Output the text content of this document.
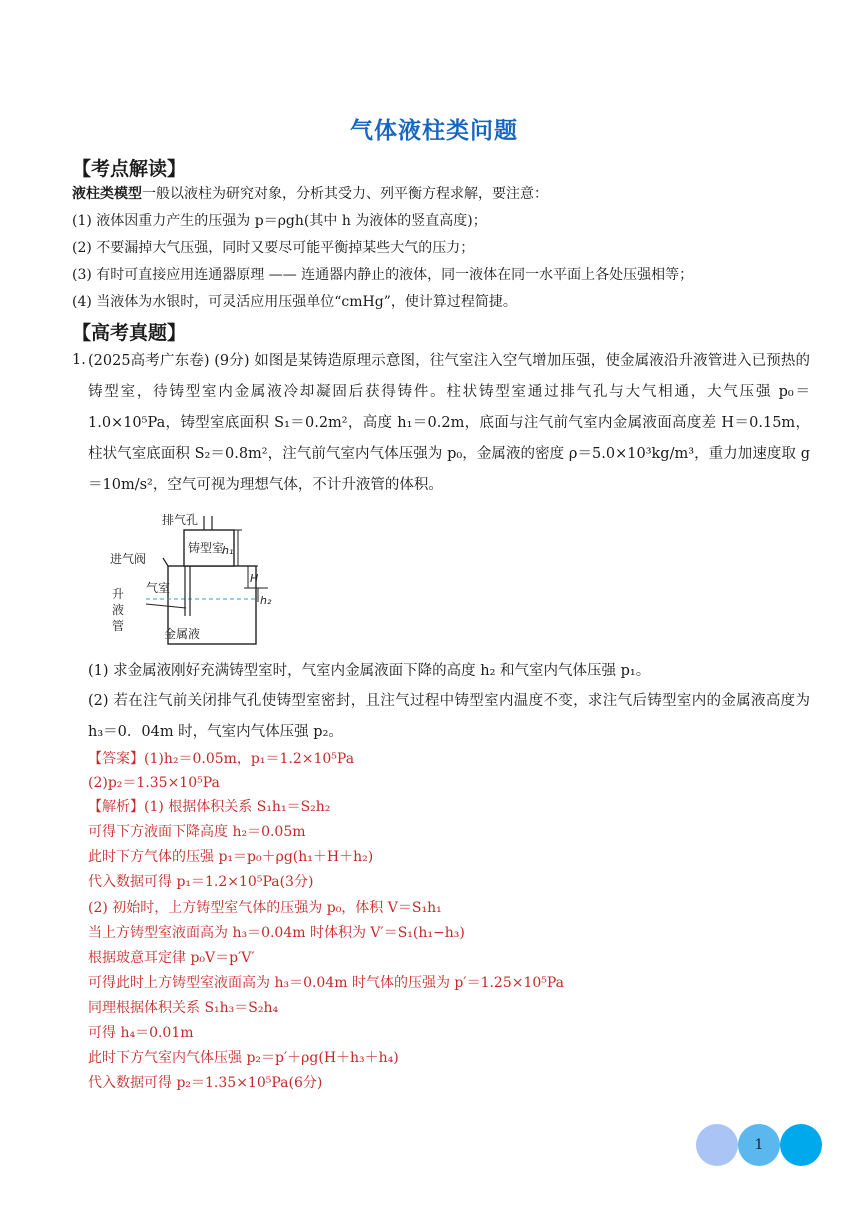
气体液柱类问题
【考点解读】
液柱类模型一般以液柱为研究对象，分析其受力、列平衡方程求解，要注意：
(1) 液体因重力产生的压强为 p＝ρgh(其中 h 为液体的竖直高度)；
(2) 不要漏掉大气压强，同时又要尽可能平衡掉某些大气的压力；
(3) 有时可直接应用连通器原理 —— 连通器内静止的液体，同一液体在同一水平面上各处压强相等；
(4) 当液体为水银时，可灵活应用压强单位“cmHg”，使计算过程简捷。
【高考真题】
1. (2025高考广东卷) (9分) 如图是某铸造原理示意图，往气室注入空气增加压强，使金属液沿升液管进入已预热的铸型室，待铸型室内金属液冷却凝固后获得铸件。柱状铸型室通过排气孔与大气相通，大气压强 p₀＝1.0×10⁵Pa，铸型室底面积 S₁＝0.2m²，高度 h₁＝0.2m，底面与注气前气室内金属液面高度差 H＝0.15m，柱状气室底面积 S₂＝0.8m²，注气前气室内气体压强为 p₀，金属液的密度 ρ＝5.0×10³kg/m³，重力加速度取 g＝10m/s²，空气可视为理想气体，不计升液管的体积。
排气孔
铸型室
进气阀
气室
升
液
管
金属液
h₁
H
h₂
(1) 求金属液刚好充满铸型室时，气室内金属液面下降的高度 h₂ 和气室内气体压强 p₁。
(2) 若在注气前关闭排气孔使铸型室密封，且注气过程中铸型室内温度不变，求注气后铸型室内的金属液高度为 h₃＝0．04m 时，气室内气体压强 p₂。
【答案】(1)h₂＝0.05m，p₁＝1.2×10⁵Pa
(2)p₂＝1.35×10⁵Pa
【解析】(1) 根据体积关系 S₁h₁＝S₂h₂
可得下方液面下降高度 h₂＝0.05m
此时下方气体的压强 p₁＝p₀＋ρg(h₁＋H＋h₂)
代入数据可得 p₁＝1.2×10⁵Pa(3分)
(2) 初始时，上方铸型室气体的压强为 p₀，体积 V＝S₁h₁
当上方铸型室液面高为 h₃＝0.04m 时体积为 V′＝S₁(h₁−h₃)
根据玻意耳定律 p₀V＝p′V′
可得此时上方铸型室液面高为 h₃＝0.04m 时气体的压强为 p′＝1.25×10⁵Pa
同理根据体积关系 S₁h₃＝S₂h₄
可得 h₄＝0.01m
此时下方气室内气体压强 p₂＝p′＋ρg(H＋h₃＋h₄)
代入数据可得 p₂＝1.35×10⁵Pa(6分)
1
